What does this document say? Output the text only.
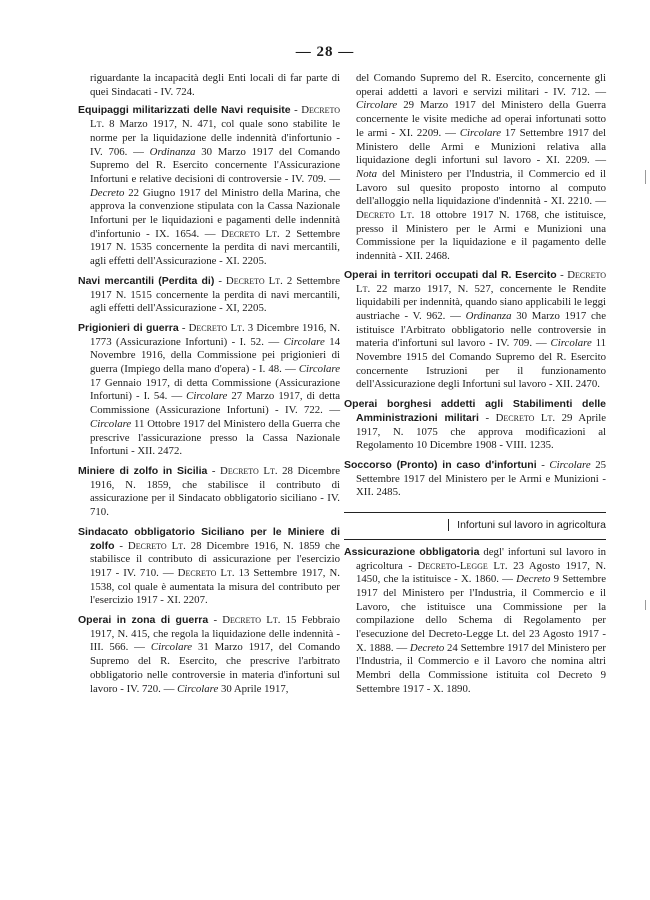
— 28 —

riguardante la incapacità degli Enti locali di far parte di quei Sindacati - IV. 724.

Equipaggi militarizzati delle Navi requisite - Decreto Lt. 8 Marzo 1917, N. 471, col quale sono stabilite le norme per la liquidazione delle indennità d'infortunio - IV. 706. — Ordinanza 30 Marzo 1917 del Comando Supremo del R. Esercito concernente l'Assicurazione Infortuni e relative decisioni di controversie - IV. 709. — Decreto 22 Giugno 1917 del Ministro della Marina, che approva la convenzione stipulata con la Cassa Nazionale Infortuni per le liquidazioni e pagamenti delle indennità d'infortunio - IX. 1654. — Decreto Lt. 2 Settembre 1917 N. 1535 concernente la perdita di navi mercantili, agli effetti dell'Assicurazione - XI. 2205.

Navi mercantili (Perdita di) - Decreto Lt. 2 Settembre 1917 N. 1515 concernente la perdita di navi mercantili, agli effetti dell'Assicurazione - XI, 2205.

Prigionieri di guerra - Decreto Lt. 3 Dicembre 1916, N. 1773 (Assicurazione Infortuni) - I. 52. — Circolare 14 Novembre 1916, della Commissione pei prigionieri di guerra (Impiego della mano d'opera) - I. 48. — Circolare 17 Gennaio 1917, di detta Commissione (Assicurazione Infortuni) - I. 54. — Circolare 27 Marzo 1917, di detta Commissione (Assicurazione Infortuni) - IV. 722. — Circolare 11 Ottobre 1917 del Ministero della Guerra che prescrive l'assicurazione presso la Cassa Nazionale Infortuni - XII. 2472.

Miniere di zolfo in Sicilia - Decreto Lt. 28 Dicembre 1916, N. 1859, che stabilisce il contributo di assicurazione per il Sindacato obbligatorio siciliano - IV. 710.

Sindacato obbligatorio Siciliano per le Miniere di zolfo - Decreto Lt. 28 Dicembre 1916, N. 1859 che stabilisce il contributo di assicurazione per l'esercizio 1917 - IV. 710. — Decreto Lt. 13 Settembre 1917, N. 1538, col quale è aumentata la misura del contributo per l'esercizio 1917 - XI. 2207.

Operai in zona di guerra - Decreto Lt. 15 Febbraio 1917, N. 415, che regola la liquidazione delle indennità - III. 566. — Circolare 31 Marzo 1917, del Comando Supremo del R. Esercito, che prescrive l'arbitrato obbligatorio nelle controversie in materia d'infortuni sul lavoro - IV. 720. — Circolare 30 Aprile 1917,

del Comando Supremo del R. Esercito, concernente gli operai addetti a lavori e servizi militari - IV. 712. — Circolare 29 Marzo 1917 del Ministero della Guerra concernente le visite mediche ad operai infortunati sotto le armi - XI. 2209. — Circolare 17 Settembre 1917 del Ministero delle Armi e Munizioni relativa alla liquidazione degli infortuni sul lavoro - XI. 2209. — Nota del Ministero per l'Industria, il Commercio ed il Lavoro sul quesito proposto intorno al computo dell'alloggio nella liquidazione d'indennità - XI. 2210. — Decreto Lt. 18 ottobre 1917 N. 1768, che istituisce, presso il Ministero per le Armi e Munizioni una Commissione per la liquidazione e il pagamento delle indennità - XII. 2468.

Operai in territori occupati dal R. Esercito - Decreto Lt. 22 marzo 1917, N. 527, concernente le Rendite liquidabili per indennità, quando siano applicabili le leggi austriache - V. 962. — Ordinanza 30 Marzo 1917 che istituisce l'Arbitrato obbligatorio nelle controversie in materia d'infortuni sul lavoro - IV. 709. — Circolare 11 Novembre 1915 del Comando Supremo del R. Esercito concernente Istruzioni per il funzionamento dell'Assicurazione degli Infortuni sul lavoro - XII. 2470.

Operai borghesi addetti agli Stabilimenti delle Amministrazioni militari - Decreto Lt. 29 Aprile 1917, N. 1075 che approva modificazioni al Regolamento 10 Dicembre 1908 - VIII. 1235.

Soccorso (Pronto) in caso d'infortuni - Circolare 25 Settembre 1917 del Ministero per le Armi e Munizioni - XII. 2485.

Infortuni sul lavoro in agricoltura

Assicurazione obbligatoria degl' infortuni sul lavoro in agricoltura - Decreto-Legge Lt. 23 Agosto 1917, N. 1450, che la istituisce - X. 1860. — Decreto 9 Settembre 1917 del Ministero per l'Industria, il Commercio e il Lavoro, che istituisce una Commissione per la compilazione dello Schema di Regolamento per l'esecuzione del Decreto-Legge Lt. del 23 Agosto 1917 - X. 1888. — Decreto 24 Settembre 1917 del Ministero per l'Industria, il Commercio e il Lavoro che nomina altri Membri della Commissione istituita col Decreto 9 Settembre 1917 - X. 1890.
